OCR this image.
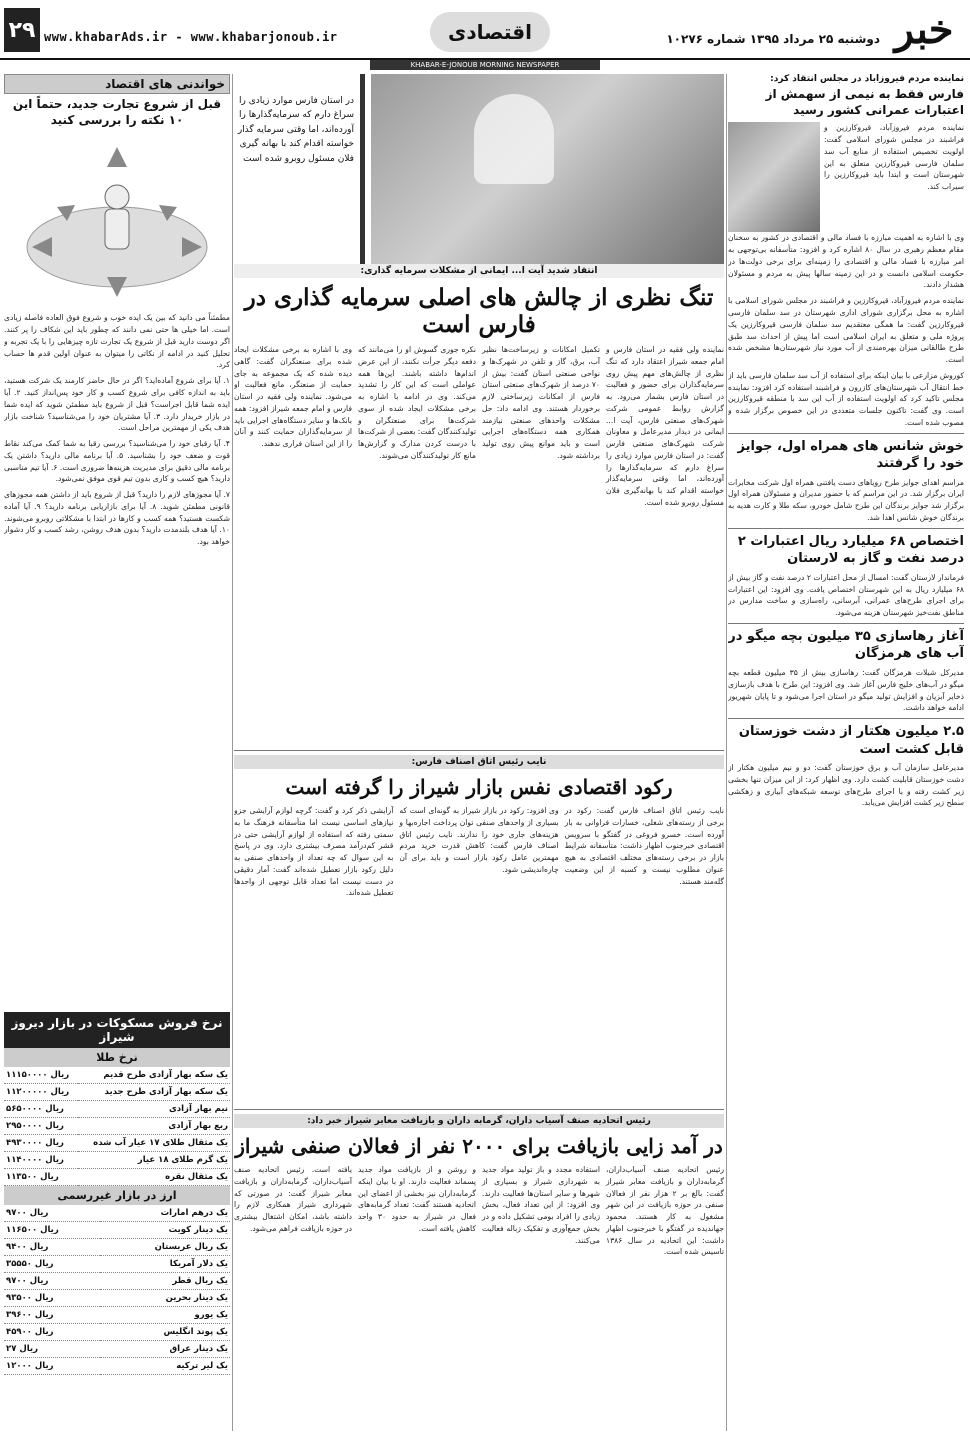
۲۹ www.khabarAds.ir - www.khabarjonoub.ir	اقتصادی	دوشنبه ۲۵ مرداد ۱۳۹۵ شماره ۱۰۲۷۶ خبر
KHABAR-E-JONOUB MORNING NEWSPAPER
نماینده مردم فیروزآباد در مجلس انتقاد کرد:
فارس فقط به نیمی از سهمش از اعتبارات عمرانی کشور رسید

نماینده مردم فیروزآباد، قیروکارزین و فراشبند در مجلس شورای اسلامی گفت: اولویت تخصیص استفاده از منابع آب سد سلمان فارسی قیروکارزین متعلق به این شهرستان است و ابتدا باید قیروکارزین را سیراب کند.

وی با اشاره به اهمیت مبارزه با فساد مالی و اقتصادی در کشور به سخنان مقام معظم رهبری در سال ۸۰ اشاره کرد و افزود: متأسفانه بی‌توجهی به امر مبارزه با فساد مالی و اقتصادی را زمینه‌ای برای برخی دولت‌ها در حکومت اسلامی دانست و در این زمینه سالها پیش به مردم و مسئولان هشدار دادند.

نماینده مردم فیروزآباد، قیروکارزین و فراشبند در مجلس شورای اسلامی با اشاره به محل برگزاری شورای اداری شهرستان در سد سلمان فارسی قیروکارزین گفت: ما همگی معتقدیم سد سلمان فارسی قیروکارزین یک پروژه ملی و متعلق به ایران اسلامی است اما پیش از احداث سد طبق طرح طالقانی میزان بهره‌مندی از آب مورد نیاز شهرستان‌ها مشخص شده است.

کوروش مزارعی با بیان اینکه برای استفاده از آب سد سلمان فارسی باید از خط انتقال آب شهرستان‌های کازرون و فراشبند استفاده کرد افزود: نماینده مجلس تاکید کرد که اولویت استفاده از آب این سد با منطقه قیروکارزین است. وی گفت: تاکنون جلسات متعددی در این خصوص برگزار شده و مصوب شده است.

خوش شانس های همراه اول، جوایز خود را گرفتند

مراسم اهدای جوایز طرح رویاهای دست یافتنی همراه اول شرکت مخابرات ایران برگزار شد. در این مراسم که با حضور مدیران و مسئولان همراه اول برگزار شد جوایز برندگان این طرح شامل خودرو، سکه طلا و کارت هدیه به برندگان خوش شانس اهدا شد.

اختصاص ۶۸ میلیارد ریال اعتبارات ۲ درصد نفت و گاز به لارستان

فرماندار لارستان گفت: امسال از محل اعتبارات ۲ درصد نفت و گاز بیش از ۶۸ میلیارد ریال به این شهرستان اختصاص یافت. وی افزود: این اعتبارات برای اجرای طرح‌های عمرانی، آبرسانی، راه‌سازی و ساخت مدارس در مناطق نفت‌خیز شهرستان هزینه می‌شود.

آغاز رهاسازی ۳۵ میلیون بچه میگو در آب های هرمزگان

مدیرکل شیلات هرمزگان گفت: رهاسازی بیش از ۳۵ میلیون قطعه بچه میگو در آب‌های خلیج فارس آغاز شد. وی افزود: این طرح با هدف بازسازی ذخایر آبزیان و افزایش تولید میگو در استان اجرا می‌شود و تا پایان شهریور ادامه خواهد داشت.

۲.۵ میلیون هکتار از دشت خوزستان قابل کشت است

مدیرعامل سازمان آب و برق خوزستان گفت: دو و نیم میلیون هکتار از دشت خوزستان قابلیت کشت دارد. وی اظهار کرد: از این میزان تنها بخشی زیر کشت رفته و با اجرای طرح‌های توسعه شبکه‌های آبیاری و زهکشی سطح زیر کشت افزایش می‌یابد.

در استان فارس موارد زیادی را سراغ دارم که سرمایه‌گذارها را آورده‌اند، اما وقتی سرمایه گذار خواسته اقدام کند با بهانه گیری فلان مسئول روبرو شده است
انتقاد شدید آیت ا... ایمانی از مشکلات سرمایه گذاری:
تنگ نظری از چالش های اصلی سرمایه گذاری در فارس است

نماینده ولی فقیه در استان فارس و امام جمعه شیراز اعتقاد دارد که تنگ نظری از چالش‌های مهم پیش روی سرمایه‌گذاران برای حضور و فعالیت در استان فارس بشمار می‌رود. به گزارش روابط عمومی شرکت شهرک‌های صنعتی فارس، آیت ا... ایمانی در دیدار مدیرعامل و معاونان شرکت شهرک‌های صنعتی فارس گفت: در استان فارس موارد زیادی را سراغ دارم که سرمایه‌گذارها را آورده‌اند، اما وقتی سرمایه‌گذار خواسته اقدام کند با بهانه‌گیری فلان مسئول روبرو شده است.

تکمیل امکانات و زیرساخت‌ها نظیر آب، برق، گاز و تلفن در شهرک‌ها و نواحی صنعتی استان گفت: بیش از ۷۰ درصد از شهرک‌های صنعتی استان فارس از امکانات زیرساختی لازم برخوردار هستند. وی ادامه داد: حل مشکلات واحدهای صنعتی نیازمند همکاری همه دستگاه‌های اجرایی است و باید موانع پیش روی تولید برداشته شود.

نکره جوری گسوش او را می‌مانند که دفعه دیگر جرأت نکنند، از این عرض اندام‌ها داشته باشند. این‌ها همه عواملی است که این کار را تشدید می‌کند. وی در ادامه با اشاره به برخی مشکلات ایجاد شده از سوی شرکت‌ها برای صنعتگران و تولیدکنندگان گفت: بعضی از شرکت‌ها با درست کردن مدارک و گزارش‌ها مانع کار تولیدکنندگان می‌شوند.

وی با اشاره به برخی مشکلات ایجاد شده برای صنعتگران گفت: گاهی دیده شده که یک مجموعه به جای حمایت از صنعتگر، مانع فعالیت او می‌شود. نماینده ولی فقیه در استان فارس و امام جمعه شیراز افزود: همه بانک‌ها و سایر دستگاه‌های اجرایی باید از سرمایه‌گذاران حمایت کنند و آنان را از این استان فراری ندهند.

نایب رئیس اتاق اصناف فارس:
رکود اقتصادی نفس بازار شیراز را گرفته است

نایب رئیس اتاق اصناف فارس گفت: رکود در برخی از رسته‌های شغلی، خسارات فراوانی به بار آورده است. خسرو فروغی در گفتگو با سرویس اقتصادی خبرجنوب اظهار داشت: متأسفانه شرایط بازار در برخی رسته‌های مختلف اقتصادی به هیچ عنوان مطلوب نیست و کسبه از این وضعیت گله‌مند هستند.

وی افزود: رکود در بازار شیراز به گونه‌ای است که بسیاری از واحدهای صنفی توان پرداخت اجاره‌بها و هزینه‌های جاری خود را ندارند. نایب رئیس اتاق اصناف فارس گفت: کاهش قدرت خرید مردم مهمترین عامل رکود بازار است و باید برای آن چاره‌اندیشی شود.

آرایشی ذکر کرد و گفت: گرچه لوازم آرایشی جزو نیازهای اساسی نیست اما متأسفانه فرهنگ ما به سمتی رفته که استفاده از لوازم آرایشی حتی در قشر کم‌درآمد مصرف بیشتری دارد. وی در پاسخ به این سوال که چه تعداد از واحدهای صنفی به دلیل رکود بازار تعطیل شده‌اند گفت: آمار دقیقی در دست نیست اما تعداد قابل توجهی از واحدها تعطیل شده‌اند.

رئیس اتحادیه صنف آسیاب داران، گرمابه داران و بازیافت معابر شیراز خبر داد:
در آمد زایی بازیافت برای ۲۰۰۰ نفر از فعالان صنفی شیراز

رئیس اتحادیه صنف آسیاب‌داران، گرمابه‌داران و بازیافت معابر شیراز گفت: بالغ بر ۲ هزار نفر از فعالان صنفی در حوزه بازیافت در این شهر مشغول به کار هستند. محمود جهاندیده در گفتگو با خبرجنوب اظهار داشت: این اتحادیه در سال ۱۳۸۶ تاسیس شده است.

استفاده مجدد و باز تولید مواد جدید به شهرداری شیراز و بسیاری از شهرها و سایر استان‌ها فعالیت دارند. وی افزود: از این تعداد فعال، بخش زیادی را افراد بومی تشکیل داده و در بخش جمع‌آوری و تفکیک زباله فعالیت می‌کنند.

و روشن و از بازیافت مواد جدید پسماند فعالیت دارند. او با بیان اینکه گرمابه‌داران نیز بخشی از اعضای این اتحادیه هستند گفت: تعداد گرمابه‌های فعال در شیراز به حدود ۳۰ واحد کاهش یافته است.

یافته است. رئیس اتحادیه صنف آسیاب‌داران، گرمابه‌داران و بازیافت معابر شیراز گفت: در صورتی که شهرداری شیراز همکاری لازم را داشته باشد، امکان اشتغال بیشتری در حوزه بازیافت فراهم می‌شود.

خواندنی های اقتصاد
قبل از شروع تجارت جدید، حتماً این ۱۰ نکته را بررسی کنید

مطمئناً می دانید که بین یک ایده خوب و شروع فوق العاده فاصله زیادی است. اما خیلی ها حتی نمی دانند که چطور باید این شکاف را پر کنند. اگر دوست دارید قبل از شروع یک تجارت تازه چیزهایی را با یک تجربه و تحلیل کنید در ادامه از نکاتی را میتوان به عنوان اولین قدم ها حساب کرد.

۱. آیا برای شروع آماده‌اید؟ اگر در حال حاضر کارمند یک شرکت هستید، باید به اندازه کافی برای شروع کسب و کار خود پس‌انداز کنید. ۲. آیا ایده شما قابل اجراست؟ قبل از شروع باید مطمئن شوید که ایده شما در بازار خریدار دارد. ۳. آیا مشتریان خود را می‌شناسید؟ شناخت بازار هدف یکی از مهمترین مراحل است.

۴. آیا رقبای خود را می‌شناسید؟ بررسی رقبا به شما کمک می‌کند نقاط قوت و ضعف خود را بشناسید. ۵. آیا برنامه مالی دارید؟ داشتن یک برنامه مالی دقیق برای مدیریت هزینه‌ها ضروری است. ۶. آیا تیم مناسبی دارید؟ هیچ کسب و کاری بدون تیم قوی موفق نمی‌شود.

۷. آیا مجوزهای لازم را دارید؟ قبل از شروع باید از داشتن همه مجوزهای قانونی مطمئن شوید. ۸. آیا برای بازاریابی برنامه دارید؟ ۹. آیا آماده شکست هستید؟ همه کسب و کارها در ابتدا با مشکلاتی روبرو می‌شوند. ۱۰. آیا هدف بلندمدت دارید؟ بدون هدف روشن، رشد کسب و کار دشوار خواهد بود.

نرخ فروش مسکوکات در بازار دیروز شیراز
نرخ طلا
یک سکه بهار آزادی طرح قدیم	۱۱۱۵۰۰۰۰ ریال
یک سکه بهار آزادی طرح جدید	۱۱۲۰۰۰۰۰ ریال
نیم بهار آزادی	۵۶۵۰۰۰۰ ریال
ربع بهار آزادی	۲۹۵۰۰۰۰ ریال
یک مثقال طلای ۱۷ عیار آب شده	۴۹۳۰۰۰۰ ریال
یک گرم طلای ۱۸ عیار	۱۱۴۰۰۰۰ ریال
یک مثقال نقره	۱۱۳۵۰۰ ریال
ارز در بازار غیررسمی
یک درهم امارات	۹۷۰۰ ریال
یک دینار کویت	۱۱۶۵۰۰ ریال
یک ریال عربستان	۹۴۰۰ ریال
یک دلار آمریکا	۳۵۵۵۰ ریال
یک ریال قطر	۹۷۰۰ ریال
یک دینار بحرین	۹۳۵۰۰ ریال
یک یورو	۳۹۶۰۰ ریال
یک پوند انگلیس	۴۵۹۰۰ ریال
یک دینار عراق	۲۷ ریال
یک لیر ترکیه	۱۲۰۰۰ ریال
